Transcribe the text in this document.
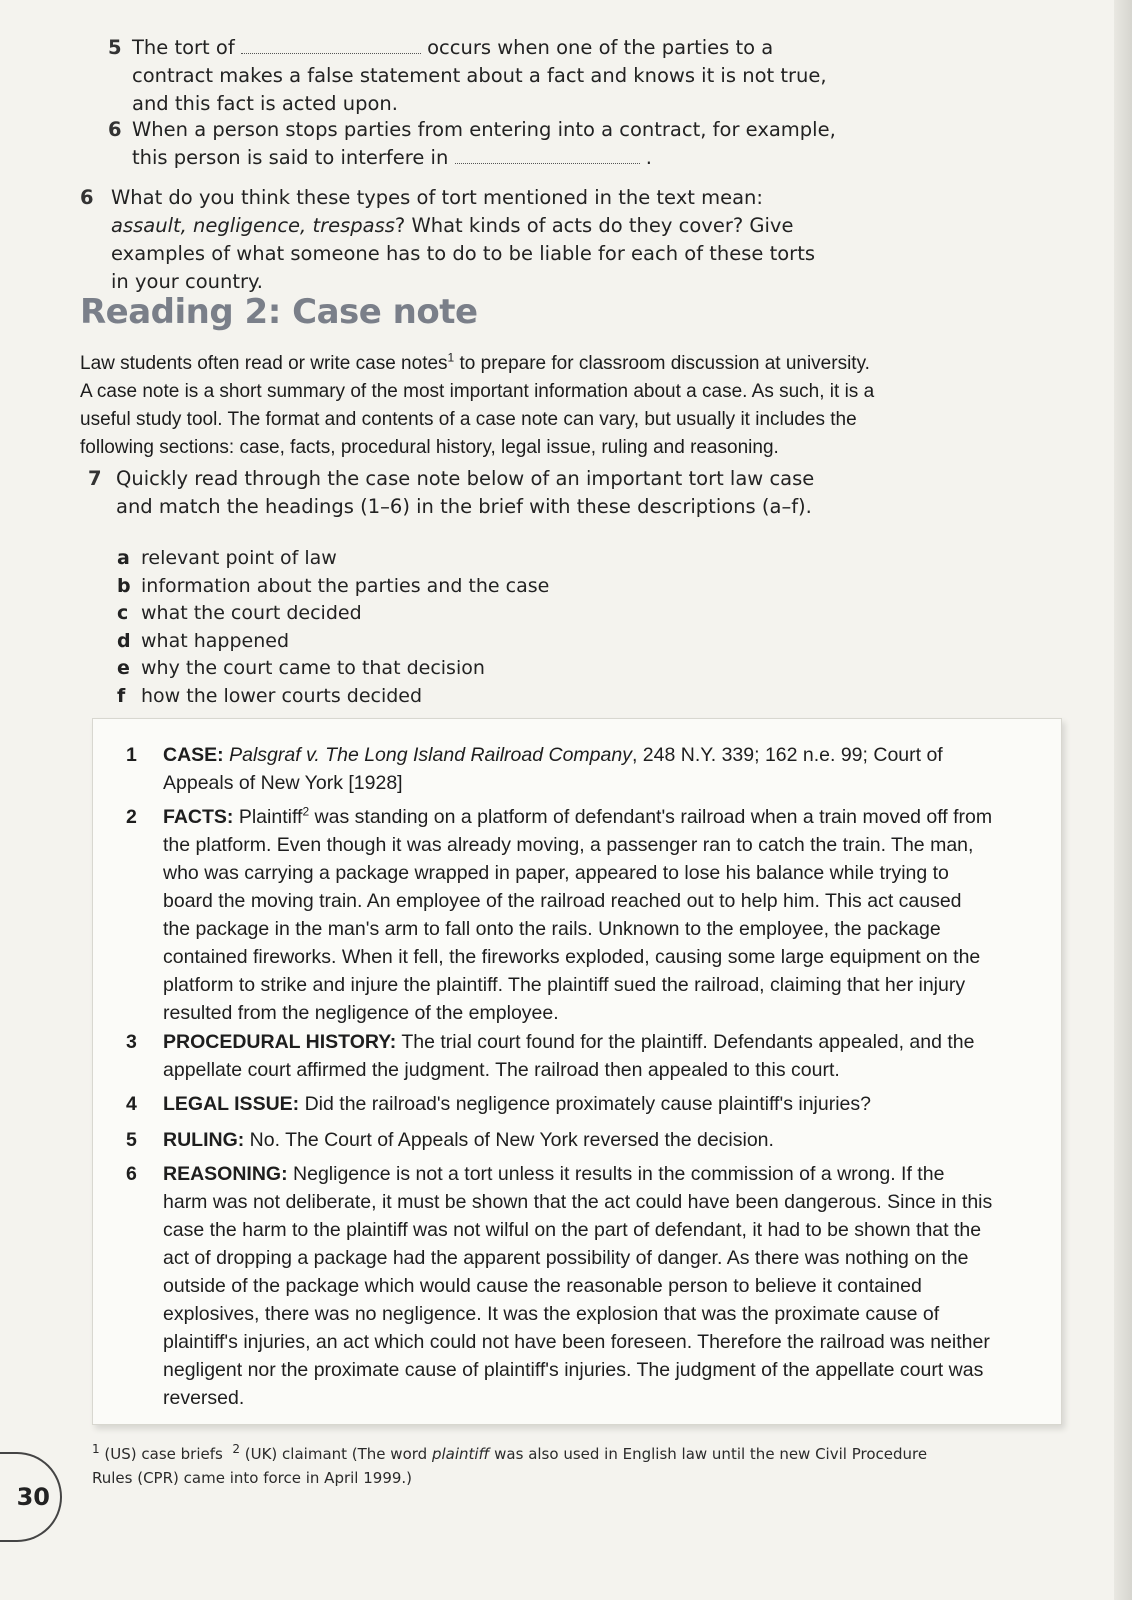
5 The tort of	occurs when one of the parties to a contract makes a false statement about a fact and knows it is not true, and this fact is acted upon.
6 When a person stops parties from entering into a contract, for example, this person is said to interfere in	.
6 What do you think these types of tort mentioned in the text mean: assault, negligence, trespass? What kinds of acts do they cover? Give examples of what someone has to do to be liable for each of these torts in your country.
Reading 2: Case note

Law students often read or write case notes$^1$ to prepare for classroom discussion at university. A case note is a short summary of the most important information about a case. As such, it is a useful study tool. The format and contents of a case note can vary, but usually it includes the following sections: case, facts, procedural history, legal issue, ruling and reasoning.

7 Quickly read through the case note below of an important tort law case and match the headings (1–6) in the brief with these descriptions (a–f).
a relevant point of law
b information about the parties and the case
c what the court decided
d what happened
e why the court came to that decision
f how the lower courts decided
1 CASE: Palsgraf v. The Long Island Railroad Company, 248 N.Y. 339; 162 n.e. 99; Court of Appeals of New York [1928]
2 FACTS: Plaintiff$^2$ was standing on a platform of defendant's railroad when a train moved off from the platform. Even though it was already moving, a passenger ran to catch the train. The man, who was carrying a package wrapped in paper, appeared to lose his balance while trying to board the moving train. An employee of the railroad reached out to help him. This act caused the package in the man's arm to fall onto the rails. Unknown to the employee, the package contained fireworks. When it fell, the fireworks exploded, causing some large equipment on the platform to strike and injure the plaintiff. The plaintiff sued the railroad, claiming that her injury resulted from the negligence of the employee.
3 PROCEDURAL HISTORY: The trial court found for the plaintiff. Defendants appealed, and the appellate court affirmed the judgment. The railroad then appealed to this court.
4 LEGAL ISSUE: Did the railroad's negligence proximately cause plaintiff's injuries?
5 RULING: No. The Court of Appeals of New York reversed the decision.
6 REASONING: Negligence is not a tort unless it results in the commission of a wrong. If the harm was not deliberate, it must be shown that the act could have been dangerous. Since in this case the harm to the plaintiff was not wilful on the part of defendant, it had to be shown that the act of dropping a package had the apparent possibility of danger. As there was nothing on the outside of the package which would cause the reasonable person to believe it contained explosives, there was no negligence. It was the explosion that was the proximate cause of plaintiff's injuries, an act which could not have been foreseen. Therefore the railroad was neither negligent nor the proximate cause of plaintiff's injuries. The judgment of the appellate court was reversed.
$^1$ (US) case briefs $^2$ (UK) claimant (The word plaintiff was also used in English law until the new Civil Procedure Rules (CPR) came into force in April 1999.)
30
